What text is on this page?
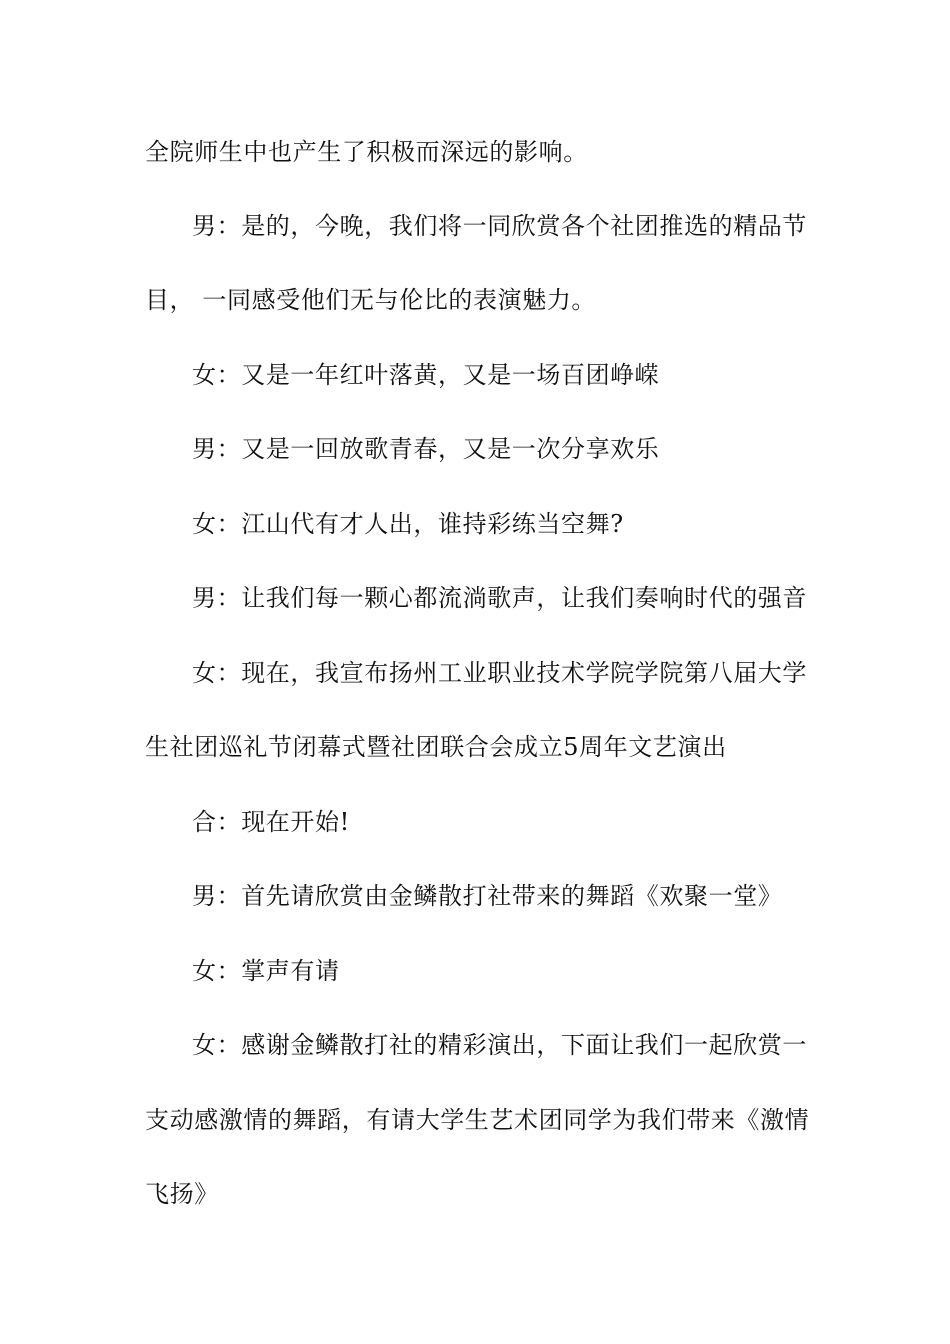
全院师生中也产生了积极而深远的影响。
男：是的，今晚，我们将一同欣赏各个社团推选的精品节
目， 一同感受他们无与伦比的表演魅力。
女：又是一年红叶落黄，又是一场百团峥嵘
男：又是一回放歌青春，又是一次分享欢乐
女：江山代有才人出，谁持彩练当空舞?
男：让我们每一颗心都流淌歌声，让我们奏响时代的强音
女：现在，我宣布扬州工业职业技术学院学院第八届大学
生社团巡礼节闭幕式暨社团联合会成立5周年文艺演出
合：现在开始!
男：首先请欣赏由金鳞散打社带来的舞蹈《欢聚一堂》
女：掌声有请
女：感谢金鳞散打社的精彩演出，下面让我们一起欣赏一
支动感激情的舞蹈，有请大学生艺术团同学为我们带来《激情
飞扬》
